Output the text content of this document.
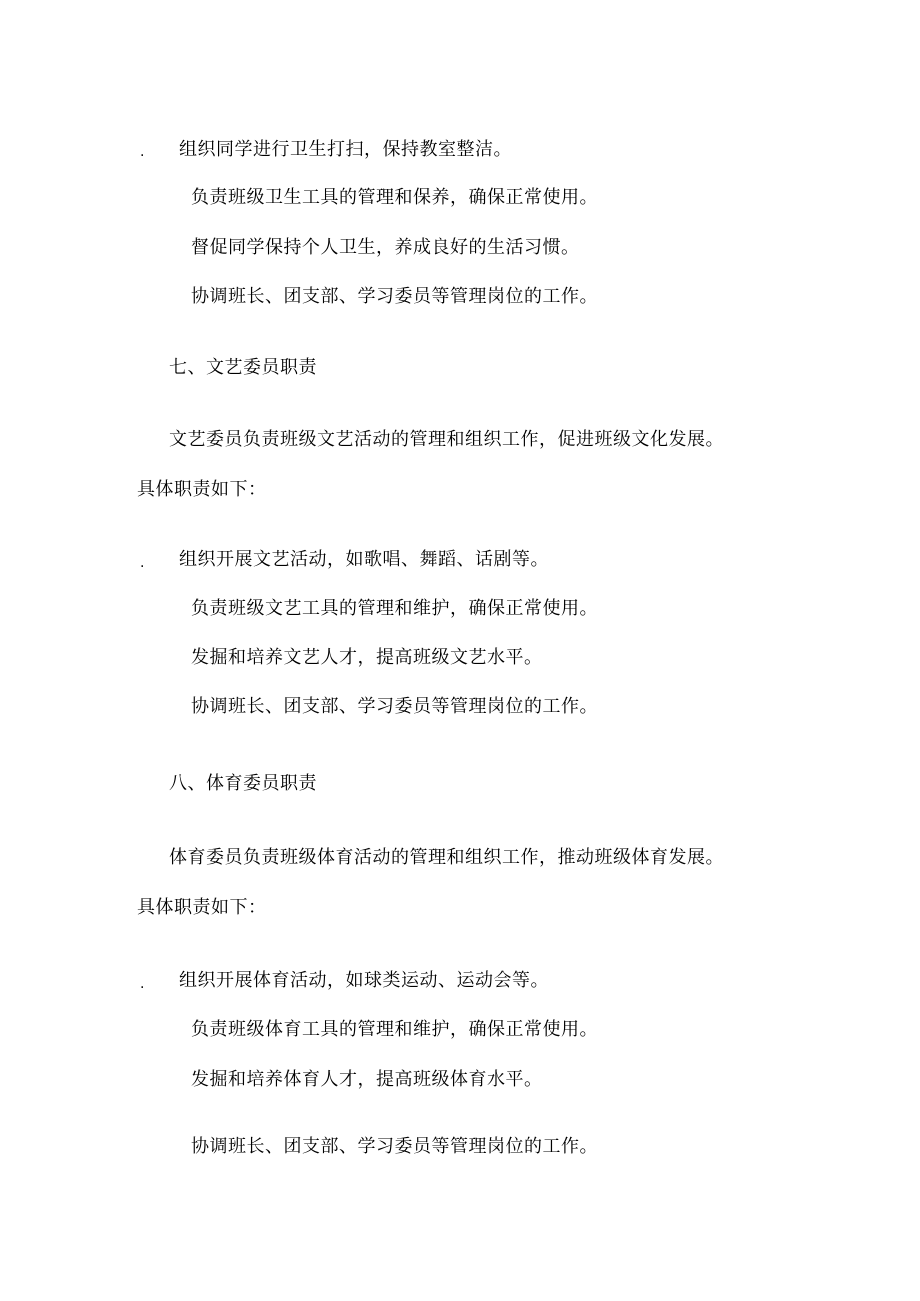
. 组织同学进行卫生打扫，保持教室整洁。
负责班级卫生工具的管理和保养，确保正常使用。
督促同学保持个人卫生，养成良好的生活习惯。
协调班长、团支部、学习委员等管理岗位的工作。
七、文艺委员职责
文艺委员负责班级文艺活动的管理和组织工作，促进班级文化发展。
具体职责如下：
. 组织开展文艺活动，如歌唱、舞蹈、话剧等。
负责班级文艺工具的管理和维护，确保正常使用。
发掘和培养文艺人才，提高班级文艺水平。
协调班长、团支部、学习委员等管理岗位的工作。
八、体育委员职责
体育委员负责班级体育活动的管理和组织工作，推动班级体育发展。
具体职责如下：
. 组织开展体育活动，如球类运动、运动会等。
负责班级体育工具的管理和维护，确保正常使用。
发掘和培养体育人才，提高班级体育水平。
协调班长、团支部、学习委员等管理岗位的工作。
